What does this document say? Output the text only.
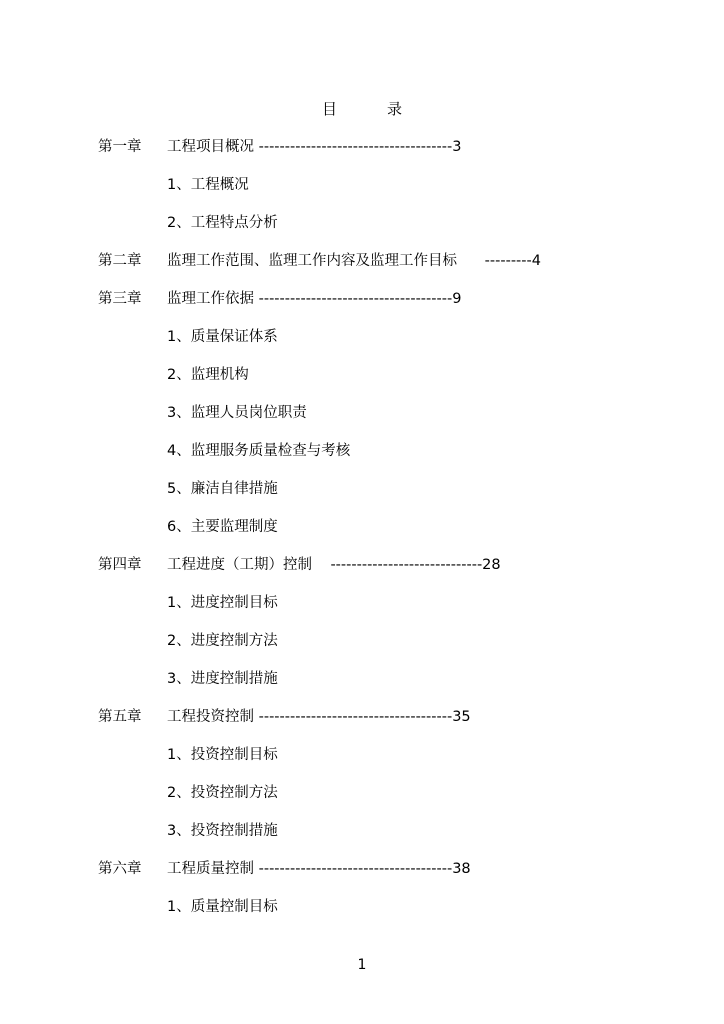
目	录
第一章 工程项目概况 -------------------------------------3
1、工程概况
2、工程特点分析
第二章 监理工作范围、监理工作内容及监理工作目标 ---------4
第三章 监理工作依据 -------------------------------------9
1、质量保证体系
2、监理机构
3、监理人员岗位职责
4、监理服务质量检查与考核
5、廉洁自律措施
6、主要监理制度
第四章 工程进度（工期）控制 -----------------------------28
1、进度控制目标
2、进度控制方法
3、进度控制措施
第五章 工程投资控制 -------------------------------------35
1、投资控制目标
2、投资控制方法
3、投资控制措施
第六章 工程质量控制 -------------------------------------38
1、质量控制目标
1
